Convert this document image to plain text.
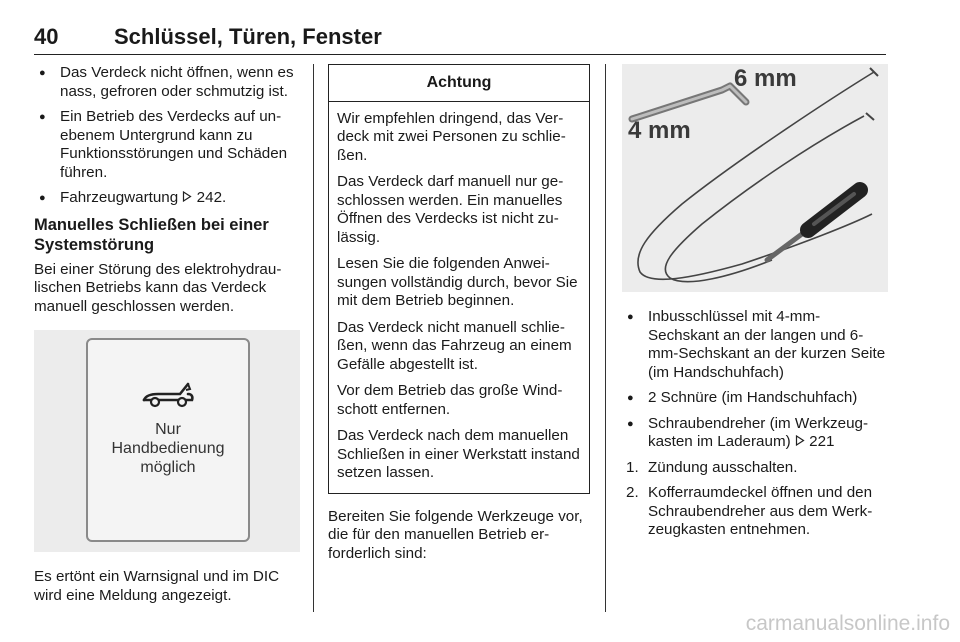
40	Schlüssel, Türen, Fenster
● Das Verdeck nicht öffnen, wenn es nass, gefroren oder schmutzig ist.
● Ein Betrieb des Verdecks auf unebenem Untergrund kann zu Funktionsstörungen und Schäden führen.
● Fahrzeugwartung 242.
Manuelles Schließen bei einer Systemstörung

Bei einer Störung des elektrohydraulischen Betriebs kann das Verdeck manuell geschlossen werden.

Nur
Handbedienung
möglich

Es ertönt ein Warnsignal und im DIC wird eine Meldung angezeigt.

Achtung

Wir empfehlen dringend, das Verdeck mit zwei Personen zu schließen.

Das Verdeck darf manuell nur geschlossen werden. Ein manuelles Öffnen des Verdecks ist nicht zulässig.

Lesen Sie die folgenden Anweisungen vollständig durch, bevor Sie mit dem Betrieb beginnen.

Das Verdeck nicht manuell schließen, wenn das Fahrzeug an einem Gefälle abgestellt ist.

Vor dem Betrieb das große Windschott entfernen.

Das Verdeck nach dem manuellen Schließen in einer Werkstatt instand setzen lassen.

Bereiten Sie folgende Werkzeuge vor, die für den manuellen Betrieb erforderlich sind:

6 mm
4 mm
● Inbusschlüssel mit 4-mm-Sechskant an der langen und 6-mm-Sechskant an der kurzen Seite (im Handschuhfach)
● 2 Schnüre (im Handschuhfach)
● Schraubendreher (im Werkzeugkasten im Laderaum) 221
1. Zündung ausschalten.
2. Kofferraumdeckel öffnen und den Schraubendreher aus dem Werkzeugkasten entnehmen.
carmanualsonline.info
